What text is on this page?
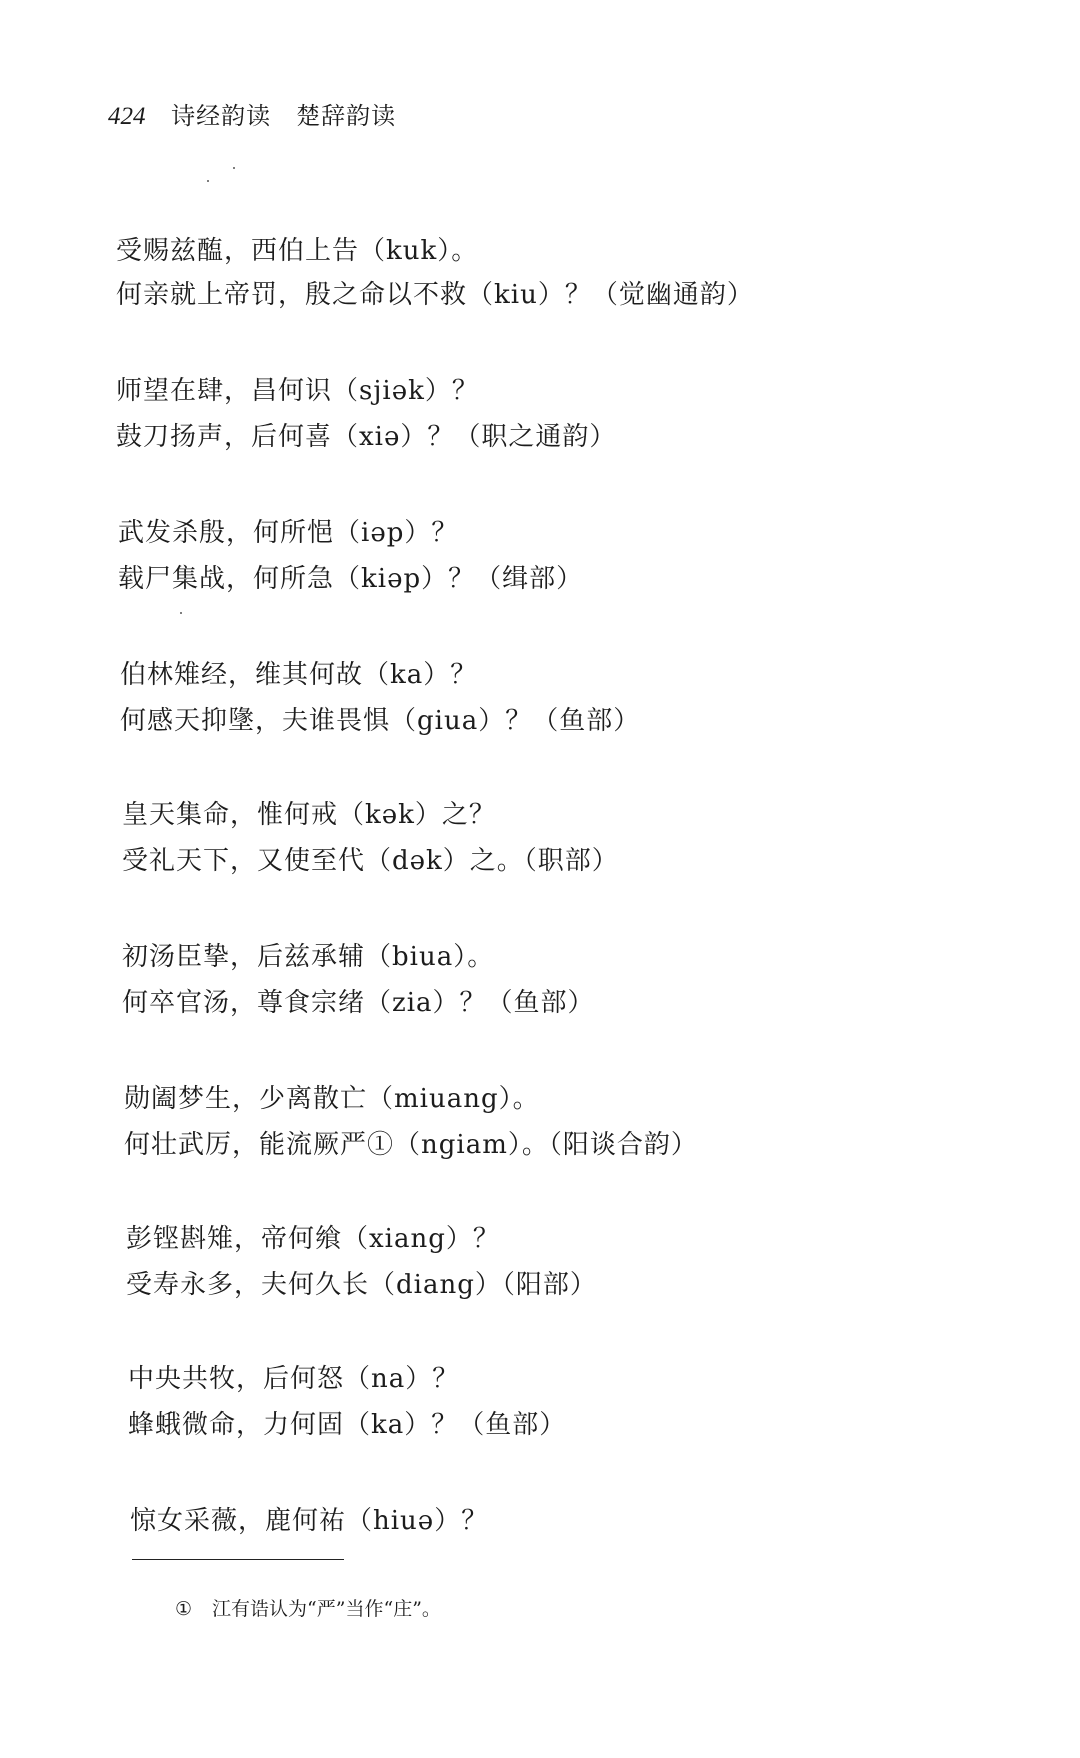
424 诗经韵读　楚辞韵读
受赐兹醢，西伯上告（kuk）。
何亲就上帝罚，殷之命以不救（kiu）？（觉幽通韵）
师望在肆，昌何识（sjiək）？
鼓刀扬声，后何喜（xiə）？（职之通韵）
武发杀殷，何所悒（iəp）？
载尸集战，何所急（kiəp）？（缉部）
伯林雉经，维其何故（ka）？
何感天抑墬，夫谁畏惧（giua）？（鱼部）
皇天集命，惟何戒（kək）之？
受礼天下，又使至代（dək）之。（职部）
初汤臣挚，后兹承辅（biua）。
何卒官汤，尊食宗绪（zia）？（鱼部）
勋阖梦生，少离散亡（miuang）。
何壮武厉，能流厥严①（ngiam）。（阳谈合韵）
彭铿斟雉，帝何飨（xiang）？
受寿永多，夫何久长（diang）（阳部）
中央共牧，后何怒（na）？
蜂蛾微命，力何固（ka）？（鱼部）
惊女采薇，鹿何祐（hiuə）？
① 江有诰认为“严”当作“庄”。
